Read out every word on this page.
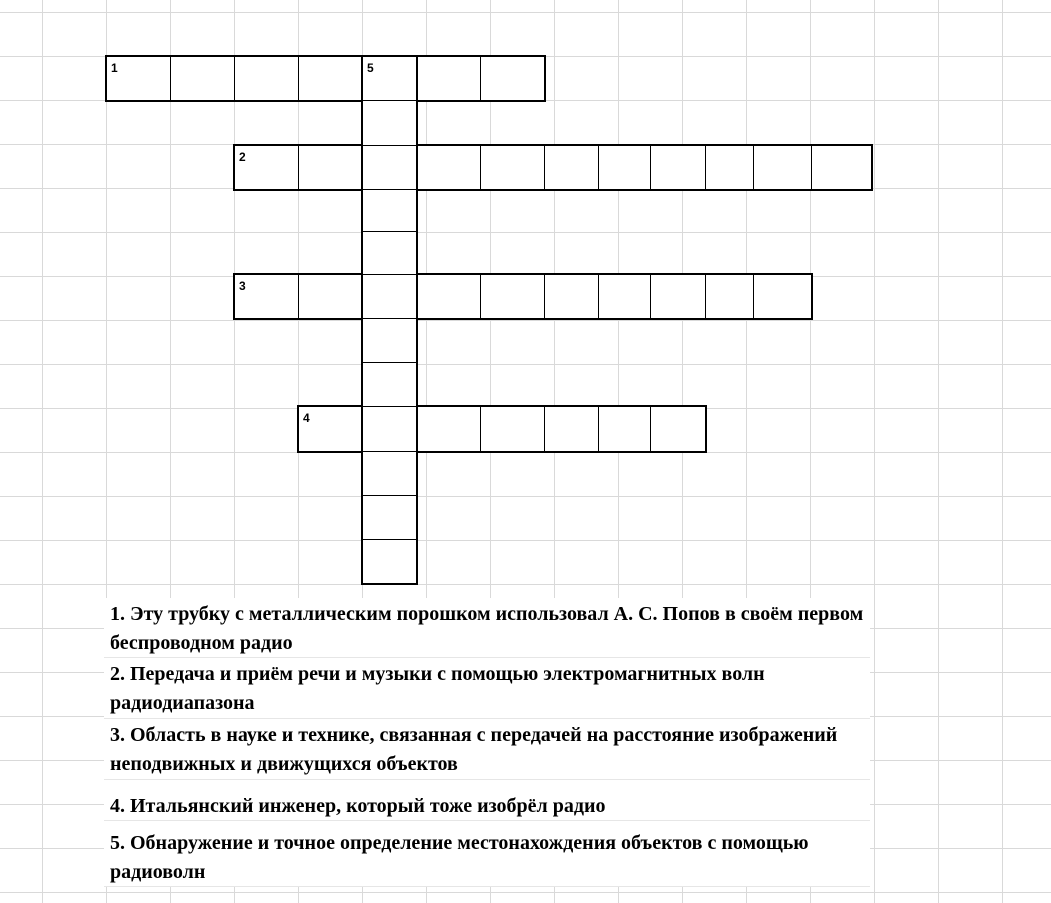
1	5
2
3
4
1. Эту трубку с металлическим порошком использовал А. С. Попов в своём первом беспроводном радио
2. Передача и приём речи и музыки с помощью электромагнитных волн радиодиапазона
3. Область в науке и технике, связанная с передачей на расстояние изображений неподвижных и движущихся объектов
4. Итальянский инженер, который тоже изобрёл радио
5. Обнаружение и точное определение местонахождения объектов с помощью радиоволн
